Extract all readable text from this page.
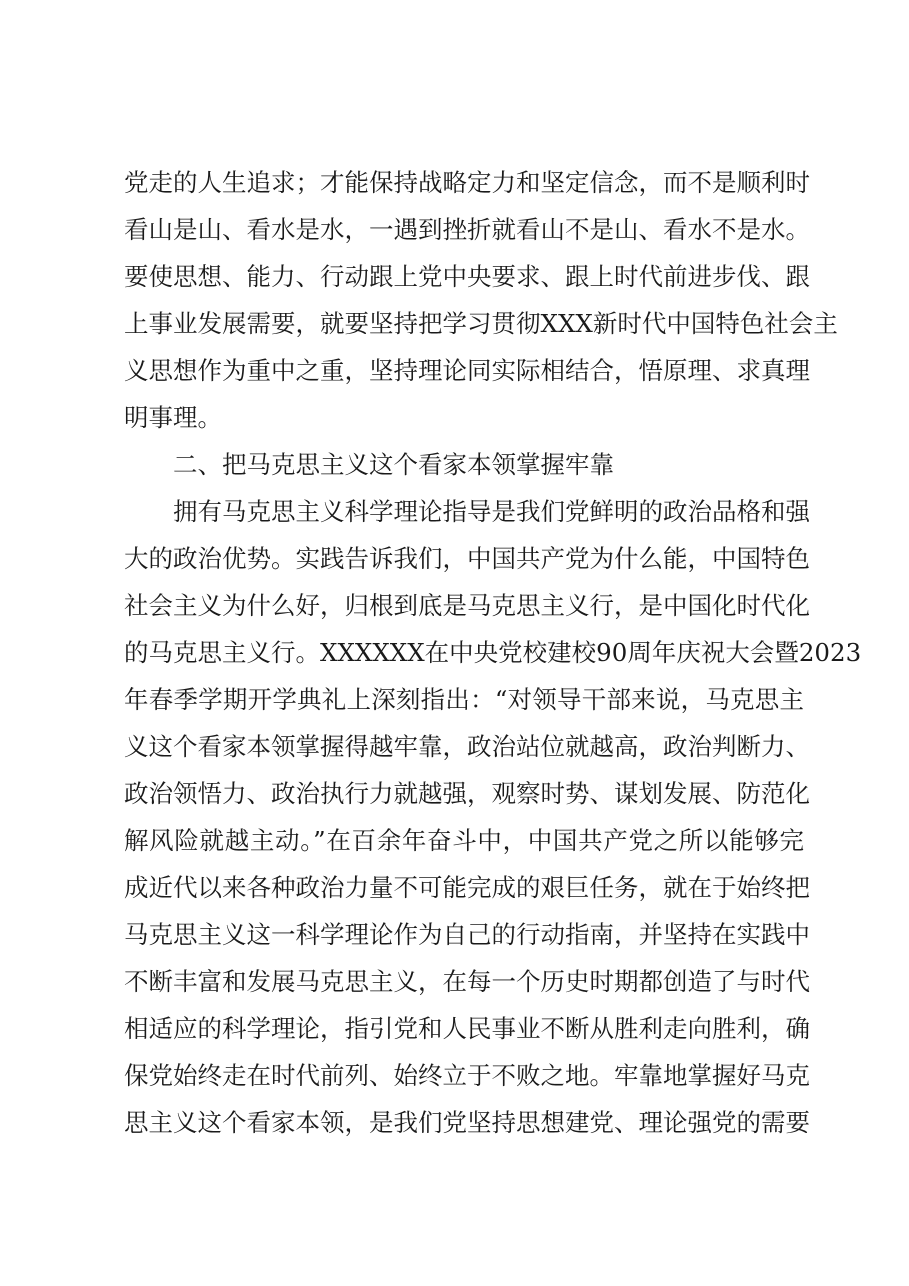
党走的人生追求；才能保持战略定力和坚定信念，而不是顺利时
看山是山、看水是水，一遇到挫折就看山不是山、看水不是水。
要使思想、能力、行动跟上党中央要求、跟上时代前进步伐、跟
上事业发展需要，就要坚持把学习贯彻XXX新时代中国特色社会主
义思想作为重中之重，坚持理论同实际相结合，悟原理、求真理
明事理。
二、把马克思主义这个看家本领掌握牢靠
拥有马克思主义科学理论指导是我们党鲜明的政治品格和强
大的政治优势。实践告诉我们，中国共产党为什么能，中国特色
社会主义为什么好，归根到底是马克思主义行，是中国化时代化
的马克思主义行。XXXXXX在中央党校建校90周年庆祝大会暨2023
年春季学期开学典礼上深刻指出：“对领导干部来说，马克思主
义这个看家本领掌握得越牢靠，政治站位就越高，政治判断力、
政治领悟力、政治执行力就越强，观察时势、谋划发展、防范化
解风险就越主动。”在百余年奋斗中，中国共产党之所以能够完
成近代以来各种政治力量不可能完成的艰巨任务，就在于始终把
马克思主义这一科学理论作为自己的行动指南，并坚持在实践中
不断丰富和发展马克思主义，在每一个历史时期都创造了与时代
相适应的科学理论，指引党和人民事业不断从胜利走向胜利，确
保党始终走在时代前列、始终立于不败之地。牢靠地掌握好马克
思主义这个看家本领，是我们党坚持思想建党、理论强党的需要
